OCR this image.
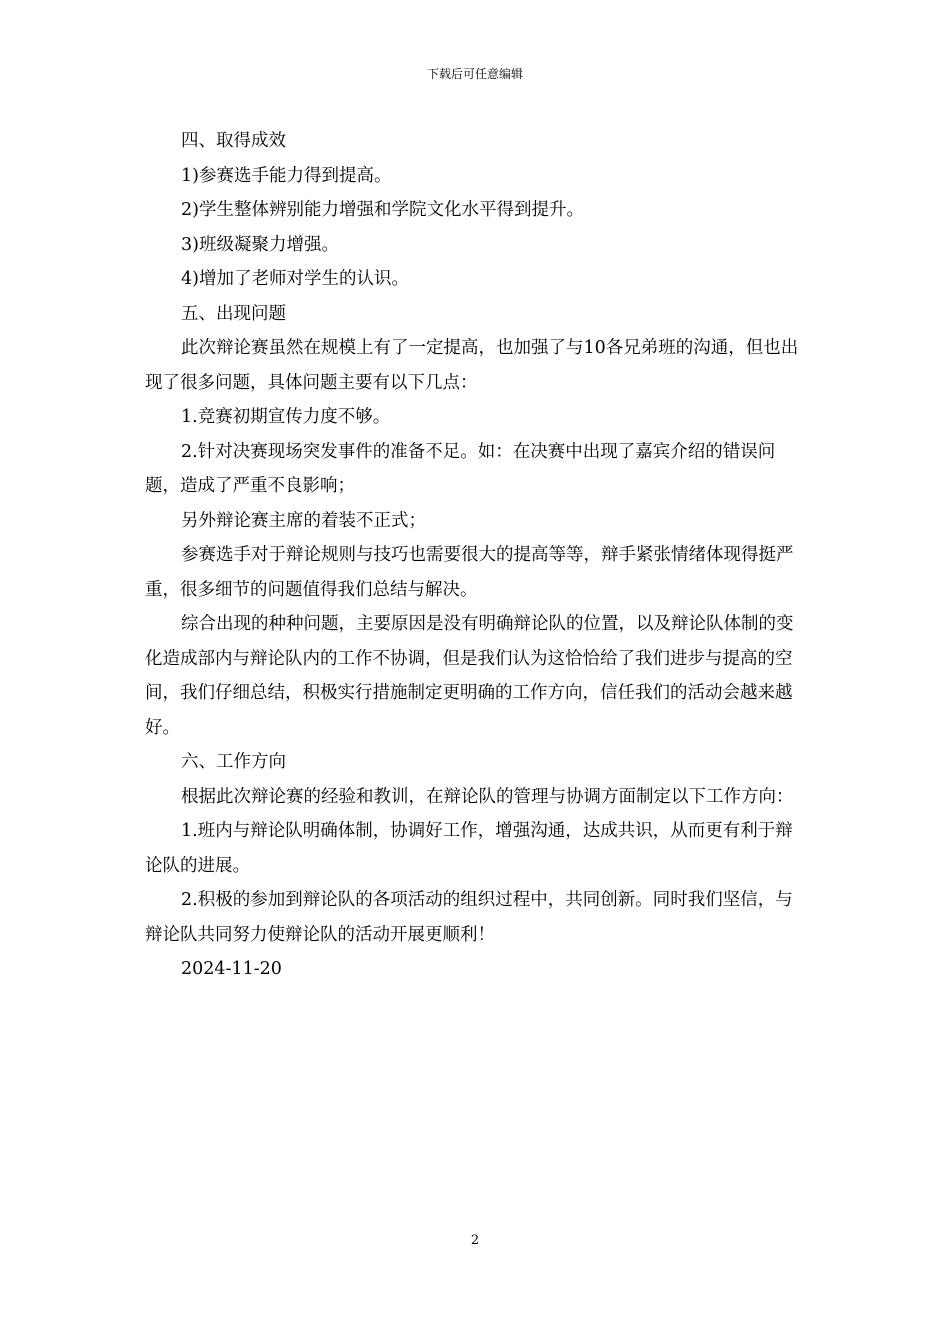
下载后可任意编辑

四、取得成效

1)参赛选手能力得到提高。

2)学生整体辨别能力增强和学院文化水平得到提升。

3)班级凝聚力增强。

4)增加了老师对学生的认识。

五、出现问题

此次辩论赛虽然在规模上有了一定提高，也加强了与10各兄弟班的沟通，但也出现了很多问题，具体问题主要有以下几点：

1.竞赛初期宣传力度不够。

2.针对决赛现场突发事件的准备不足。如：在决赛中出现了嘉宾介绍的错误问题，造成了严重不良影响；

另外辩论赛主席的着装不正式；

参赛选手对于辩论规则与技巧也需要很大的提高等等，辩手紧张情绪体现得挺严重，很多细节的问题值得我们总结与解决。

综合出现的种种问题，主要原因是没有明确辩论队的位置，以及辩论队体制的变化造成部内与辩论队内的工作不协调，但是我们认为这恰恰给了我们进步与提高的空间，我们仔细总结，积极实行措施制定更明确的工作方向，信任我们的活动会越来越好。

六、工作方向

根据此次辩论赛的经验和教训，在辩论队的管理与协调方面制定以下工作方向：

1.班内与辩论队明确体制，协调好工作，增强沟通，达成共识，从而更有利于辩论队的进展。

2.积极的参加到辩论队的各项活动的组织过程中，共同创新。同时我们坚信，与辩论队共同努力使辩论队的活动开展更顺利！

2024-11-20

2
